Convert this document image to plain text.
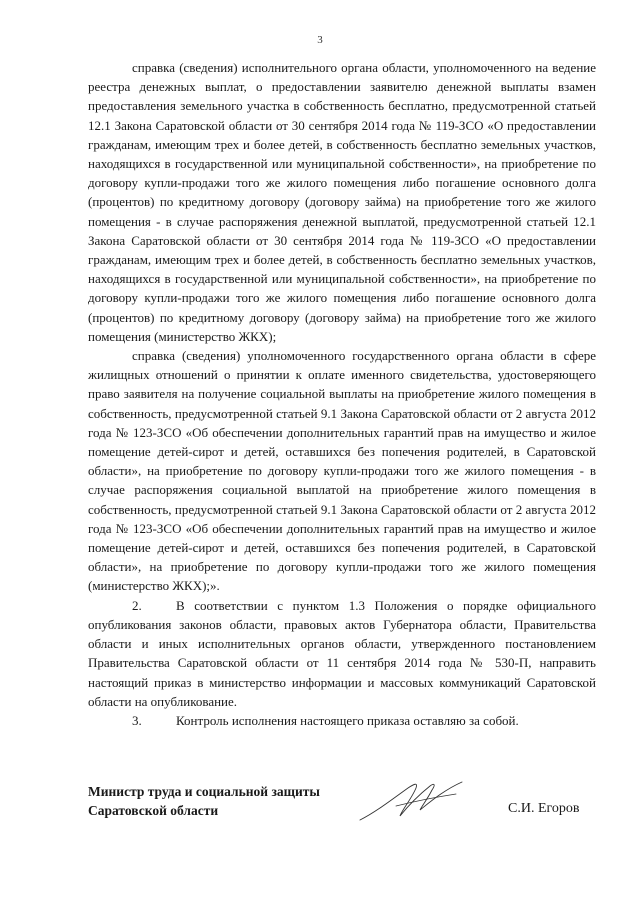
3

справка (сведения) исполнительного органа области, уполномоченного на ведение реестра денежных выплат, о предоставлении заявителю денежной выплаты взамен предоставления земельного участка в собственность бесплатно, предусмотренной статьей 12.1 Закона Саратовской области от 30 сентября 2014 года № 119-ЗСО «О предоставлении гражданам, имеющим трех и более детей, в собственность бесплатно земельных участков, находящихся в государственной или муниципальной собственности», на приобретение по договору купли-продажи того же жилого помещения либо погашение основного долга (процентов) по кредитному договору (договору займа) на приобретение того же жилого помещения - в случае распоряжения денежной выплатой, предусмотренной статьей 12.1 Закона Саратовской области от 30 сентября 2014 года № 119-ЗСО «О предоставлении гражданам, имеющим трех и более детей, в собственность бесплатно земельных участков, находящихся в государственной или муниципальной собственности», на приобретение по договору купли-продажи того же жилого помещения либо погашение основного долга (процентов) по кредитному договору (договору займа) на приобретение того же жилого помещения (министерство ЖКХ);

справка (сведения) уполномоченного государственного органа области в сфере жилищных отношений о принятии к оплате именного свидетельства, удостоверяющего право заявителя на получение социальной выплаты на приобретение жилого помещения в собственность, предусмотренной статьей 9.1 Закона Саратовской области от 2 августа 2012 года № 123-ЗСО «Об обеспечении дополнительных гарантий прав на имущество и жилое помещение детей-сирот и детей, оставшихся без попечения родителей, в Саратовской области», на приобретение по договору купли-продажи того же жилого помещения - в случае распоряжения социальной выплатой на приобретение жилого помещения в собственность, предусмотренной статьей 9.1 Закона Саратовской области от 2 августа 2012 года № 123-ЗСО «Об обеспечении дополнительных гарантий прав на имущество и жилое помещение детей-сирот и детей, оставшихся без попечения родителей, в Саратовской области», на приобретение по договору купли-продажи того же жилого помещения (министерство ЖКХ);».

2.	В соответствии с пунктом 1.3 Положения о порядке официального опубликования законов области, правовых актов Губернатора области, Правительства области и иных исполнительных органов области, утвержденного постановлением Правительства Саратовской области от 11 сентября 2014 года № 530-П, направить настоящий приказ в министерство информации и массовых коммуникаций Саратовской области на опубликование.

3.	Контроль исполнения настоящего приказа оставляю за собой.

Министр труда и социальной защиты
Саратовской области	С.И. Егоров
